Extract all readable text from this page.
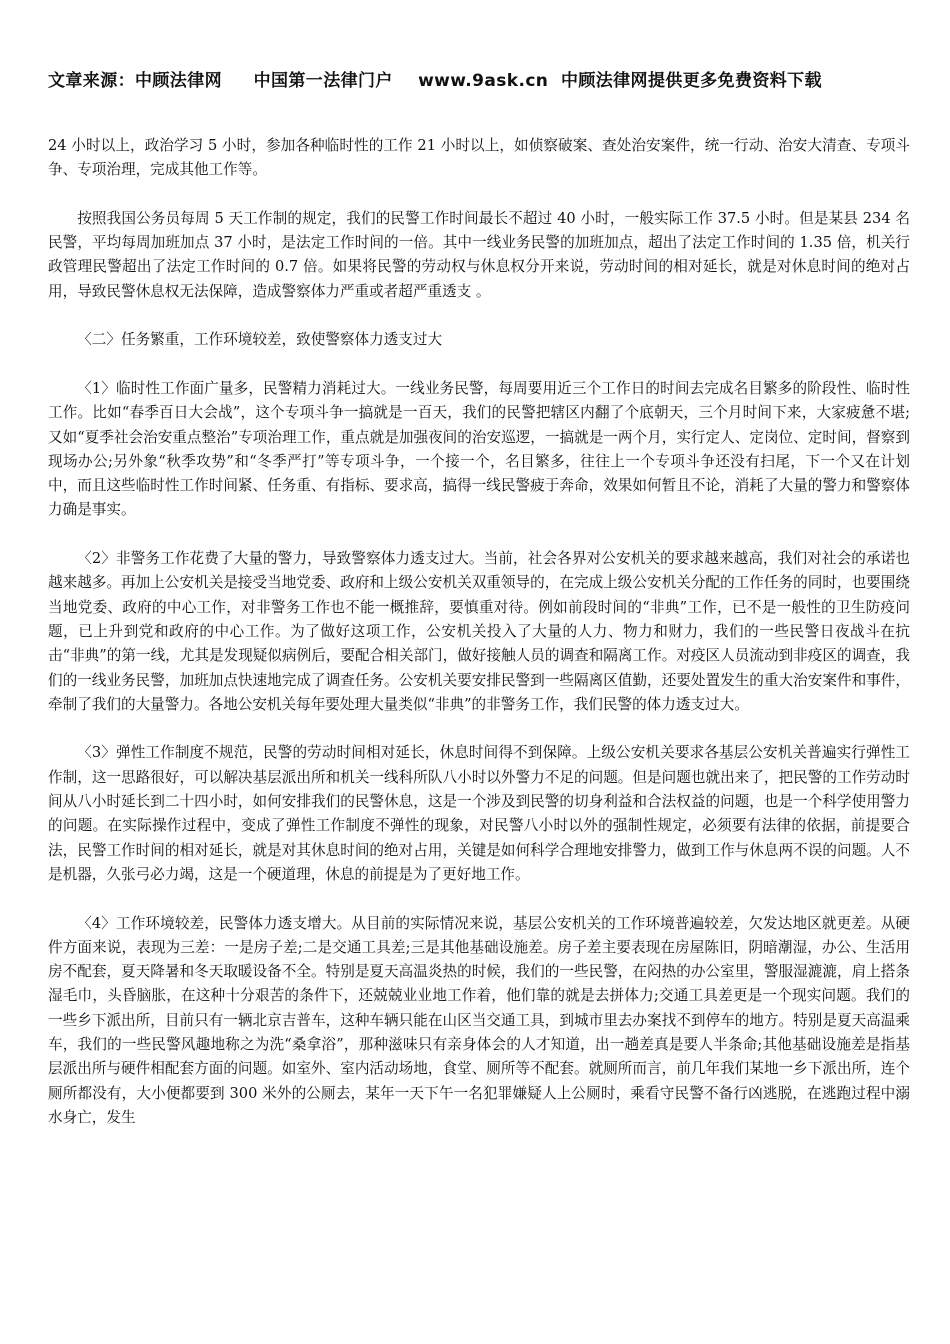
文章来源：中顾法律网     中国第一法律门户    www.9ask.cn  中顾法律网提供更多免费资料下载

24 小时以上，政治学习 5 小时，参加各种临时性的工作 21 小时以上，如侦察破案、查处治安案件，统一行动、治安大清查、专项斗争、专项治理，完成其他工作等。

按照我国公务员每周 5 天工作制的规定，我们的民警工作时间最长不超过 40 小时，一般实际工作 37.5 小时。但是某县 234 名民警，平均每周加班加点 37 小时，是法定工作时间的一倍。其中一线业务民警的加班加点，超出了法定工作时间的 1.35 倍，机关行政管理民警超出了法定工作时间的 0.7 倍。如果将民警的劳动权与休息权分开来说，劳动时间的相对延长，就是对休息时间的绝对占用，导致民警休息权无法保障，造成警察体力严重或者超严重透支 。

〈二〉任务繁重，工作环境较差，致使警察体力透支过大

〈1〉临时性工作面广量多，民警精力消耗过大。一线业务民警，每周要用近三个工作日的时间去完成名目繁多的阶段性、临时性工作。比如“春季百日大会战”，这个专项斗争一搞就是一百天，我们的民警把辖区内翻了个底朝天，三个月时间下来，大家疲惫不堪;又如“夏季社会治安重点整治”专项治理工作，重点就是加强夜间的治安巡逻，一搞就是一两个月，实行定人、定岗位、定时间，督察到现场办公;另外象“秋季攻势”和“冬季严打”等专项斗争，一个接一个，名目繁多，往往上一个专项斗争还没有扫尾，下一个又在计划中，而且这些临时性工作时间紧、任务重、有指标、要求高，搞得一线民警疲于奔命，效果如何暂且不论，消耗了大量的警力和警察体力确是事实。

〈2〉非警务工作花费了大量的警力，导致警察体力透支过大。当前，社会各界对公安机关的要求越来越高，我们对社会的承诺也越来越多。再加上公安机关是接受当地党委、政府和上级公安机关双重领导的，在完成上级公安机关分配的工作任务的同时，也要围绕当地党委、政府的中心工作，对非警务工作也不能一概推辞，要慎重对待。例如前段时间的“非典”工作，已不是一般性的卫生防疫问题，已上升到党和政府的中心工作。为了做好这项工作，公安机关投入了大量的人力、物力和财力，我们的一些民警日夜战斗在抗击“非典”的第一线，尤其是发现疑似病例后，要配合相关部门，做好接触人员的调查和隔离工作。对疫区人员流动到非疫区的调查，我们的一线业务民警，加班加点快速地完成了调查任务。公安机关要安排民警到一些隔离区值勤，还要处置发生的重大治安案件和事件，牵制了我们的大量警力。各地公安机关每年要处理大量类似“非典”的非警务工作，我们民警的体力透支过大。

〈3〉弹性工作制度不规范，民警的劳动时间相对延长，休息时间得不到保障。上级公安机关要求各基层公安机关普遍实行弹性工作制，这一思路很好，可以解决基层派出所和机关一线科所队八小时以外警力不足的问题。但是问题也就出来了，把民警的工作劳动时间从八小时延长到二十四小时，如何安排我们的民警休息，这是一个涉及到民警的切身利益和合法权益的问题，也是一个科学使用警力的问题。在实际操作过程中，变成了弹性工作制度不弹性的现象，对民警八小时以外的强制性规定，必须要有法律的依据，前提要合法，民警工作时间的相对延长，就是对其休息时间的绝对占用，关键是如何科学合理地安排警力，做到工作与休息两不误的问题。人不是机器，久张弓必力竭，这是一个硬道理，休息的前提是为了更好地工作。

〈4〉工作环境较差，民警体力透支增大。从目前的实际情况来说，基层公安机关的工作环境普遍较差，欠发达地区就更差。从硬件方面来说，表现为三差：一是房子差;二是交通工具差;三是其他基础设施差。房子差主要表现在房屋陈旧，阴暗潮湿，办公、生活用房不配套，夏天降暑和冬天取暖设备不全。特别是夏天高温炎热的时候，我们的一些民警，在闷热的办公室里，警服湿漉漉，肩上搭条湿毛巾，头昏脑胀，在这种十分艰苦的条件下，还兢兢业业地工作着，他们靠的就是去拼体力;交通工具差更是一个现实问题。我们的一些乡下派出所，目前只有一辆北京吉普车，这种车辆只能在山区当交通工具，到城市里去办案找不到停车的地方。特别是夏天高温乘车，我们的一些民警风趣地称之为洗“桑拿浴”，那种滋味只有亲身体会的人才知道，出一趟差真是要人半条命;其他基础设施差是指基层派出所与硬件相配套方面的问题。如室外、室内活动场地，食堂、厕所等不配套。就厕所而言，前几年我们某地一乡下派出所，连个厕所都没有，大小便都要到 300 米外的公厕去，某年一天下午一名犯罪嫌疑人上公厕时，乘看守民警不备行凶逃脱，在逃跑过程中溺水身亡，发生
